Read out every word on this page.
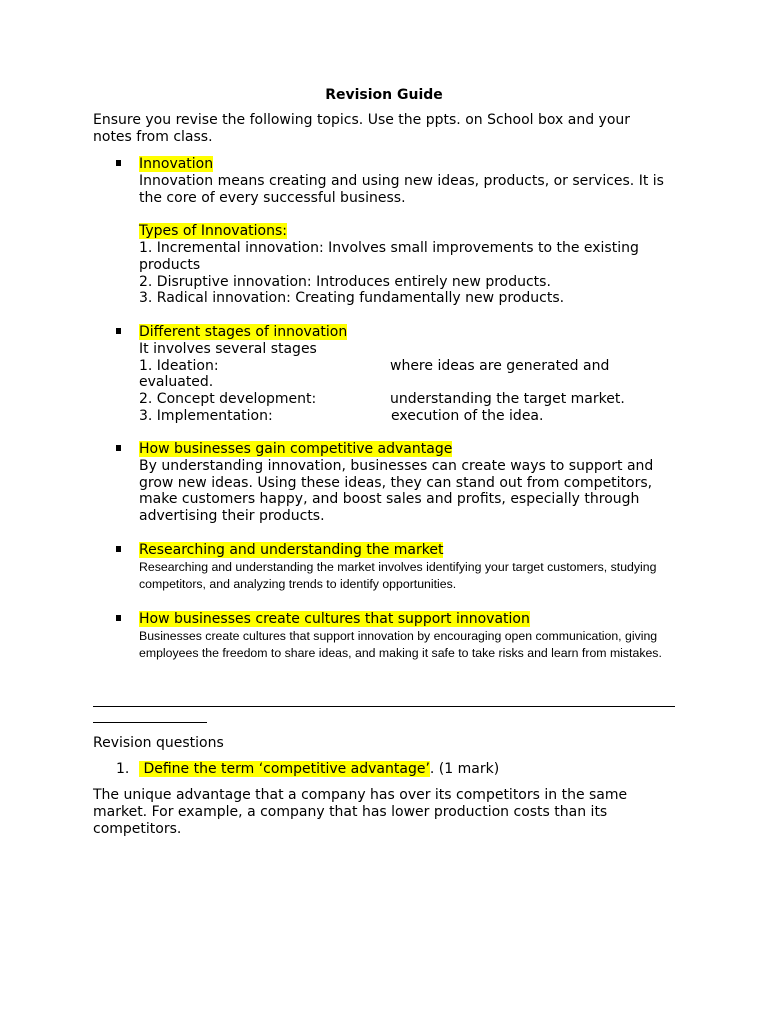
Revision Guide
Ensure you revise the following topics. Use the ppts. on School box and your notes from class.
Innovation
Innovation means creating and using new ideas, products, or services. It is the core of every successful business.
Types of Innovations:
1. Incremental innovation: Involves small improvements to the existing products
2. Disruptive innovation: Introduces entirely new products.
3. Radical innovation: Creating fundamentally new products.
Different stages of innovation
It involves several stages
1. Ideation:	where ideas are generated and
evaluated.
2. Concept development:	understanding the target market.
3. Implementation:	execution of the idea.
How businesses gain competitive advantage
By understanding innovation, businesses can create ways to support and grow new ideas. Using these ideas, they can stand out from competitors, make customers happy, and boost sales and profits, especially through advertising their products.
Researching and understanding the market
Researching and understanding the market involves identifying your target customers, studying competitors, and analyzing trends to identify opportunities.
How businesses create cultures that support innovation
Businesses create cultures that support innovation by encouraging open communication, giving employees the freedom to share ideas, and making it safe to take risks and learn from mistakes.
Revision questions
1. Define the term ‘competitive advantage’. (1 mark)
The unique advantage that a company has over its competitors in the same market. For example, a company that has lower production costs than its competitors.
